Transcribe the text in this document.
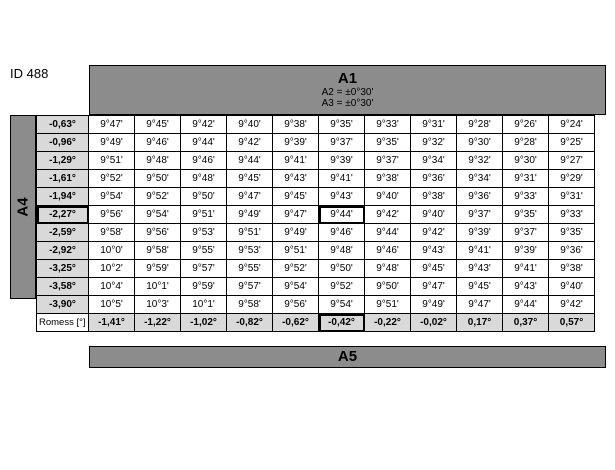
ID 488	A1
A2 = ±0°30'
A3 = ±0°30'
A4
-0,63°	9°47'	9°45'	9°42'	9°40'	9°38'	9°35'	9°33'	9°31'	9°28'	9°26'	9°24'
-0,96°	9°49'	9°46'	9°44'	9°42'	9°39'	9°37'	9°35'	9°32'	9°30'	9°28'	9°25'
-1,29°	9°51'	9°48'	9°46'	9°44'	9°41'	9°39'	9°37'	9°34'	9°32'	9°30'	9°27'
-1,61°	9°52'	9°50'	9°48'	9°45'	9°43'	9°41'	9°38'	9°36'	9°34'	9°31'	9°29'
-1,94°	9°54'	9°52'	9°50'	9°47'	9°45'	9°43'	9°40'	9°38'	9°36'	9°33'	9°31'
-2,27°	9°56'	9°54'	9°51'	9°49'	9°47'	9°44'	9°42'	9°40'	9°37'	9°35'	9°33'
-2,59°	9°58'	9°56'	9°53'	9°51'	9°49'	9°46'	9°44'	9°42'	9°39'	9°37'	9°35'
-2,92°	10°0'	9°58'	9°55'	9°53'	9°51'	9°48'	9°46'	9°43'	9°41'	9°39'	9°36'
-3,25°	10°2'	9°59'	9°57'	9°55'	9°52'	9°50'	9°48'	9°45'	9°43'	9°41'	9°38'
-3,58°	10°4'	10°1'	9°59'	9°57'	9°54'	9°52'	9°50'	9°47'	9°45'	9°43'	9°40'
-3,90°	10°5'	10°3'	10°1'	9°58'	9°56'	9°54'	9°51'	9°49'	9°47'	9°44'	9°42'
Romess [°]	-1,41°	-1,22°	-1,02°	-0,82°	-0,62°	-0,42°	-0,22°	-0,02°	0,17°	0,37°	0,57°
A5
